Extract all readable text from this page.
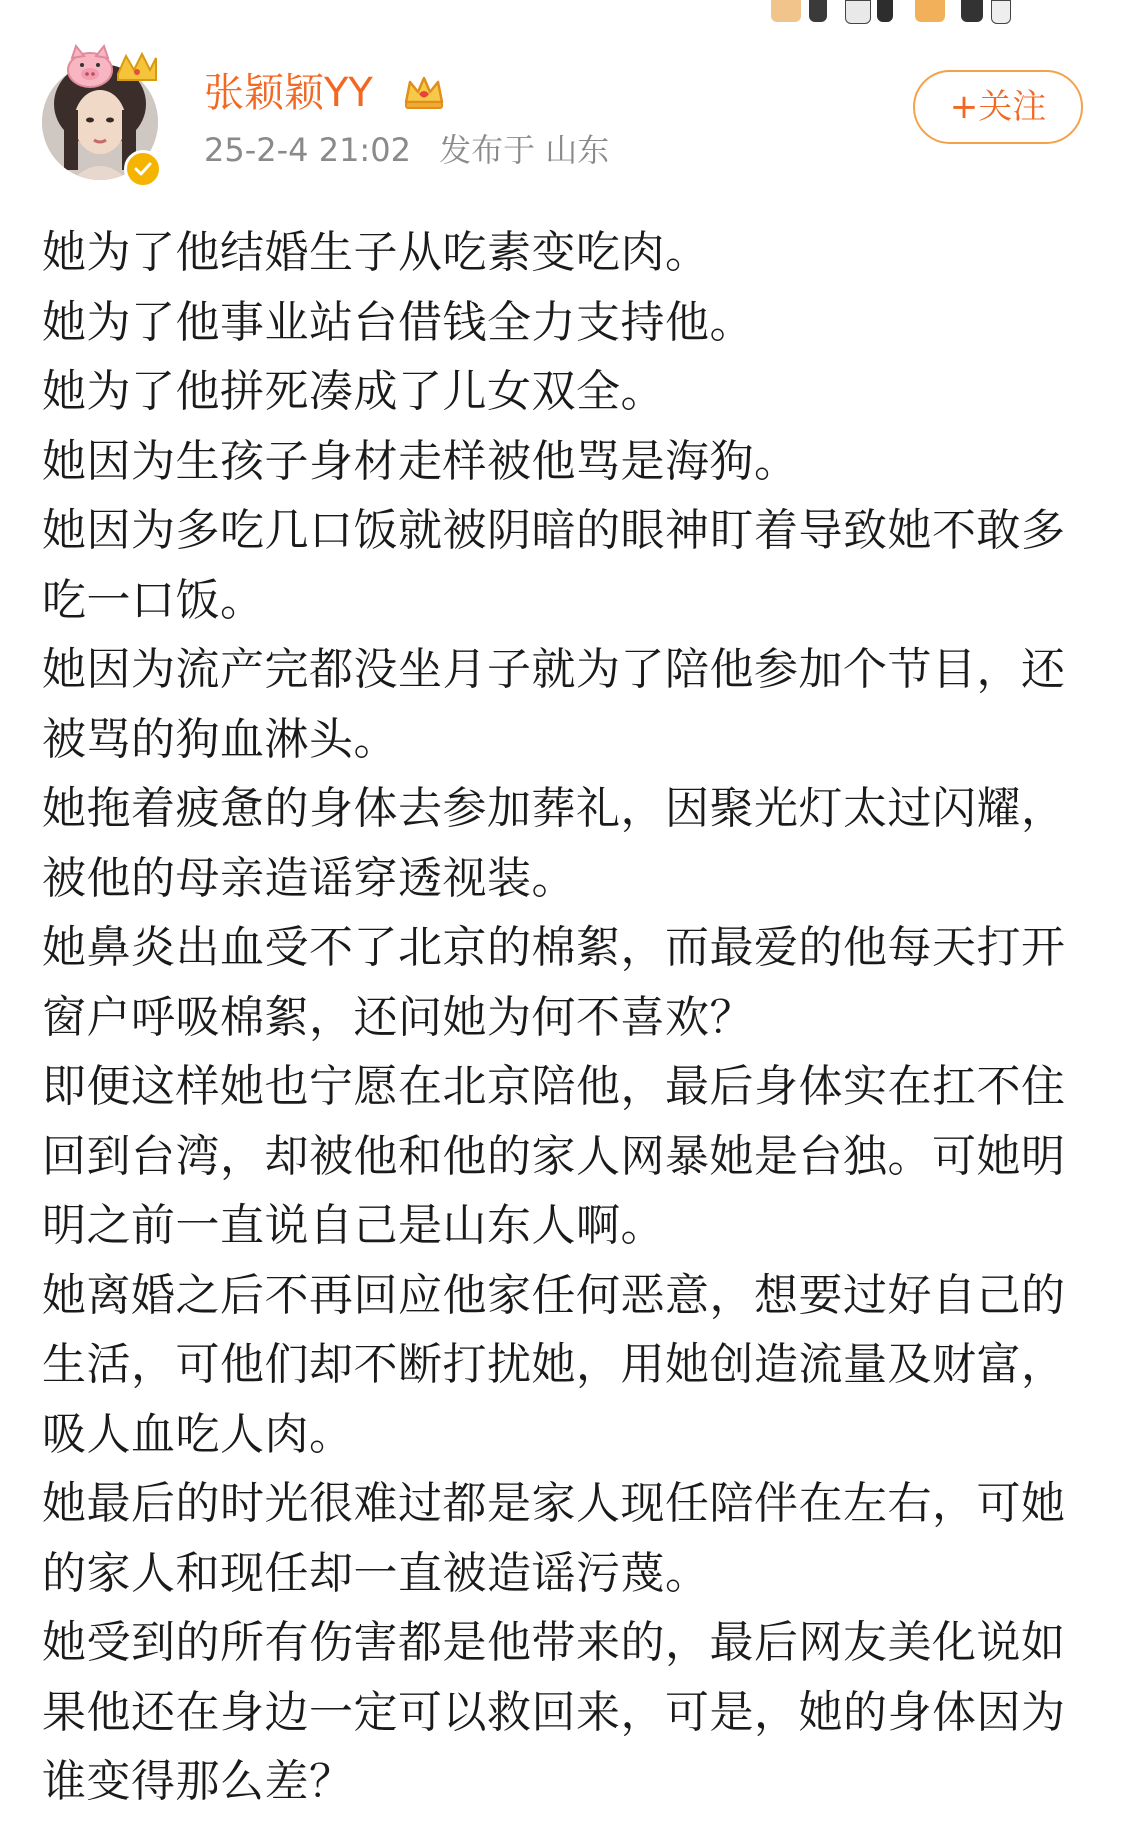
张颖颖YY
25-2-4 21:02 发布于 山东
+关注

她为了他结婚生子从吃素变吃肉。

她为了他事业站台借钱全力支持他。

她为了他拼死凑成了儿女双全。

她因为生孩子身材走样被他骂是海狗。

她因为多吃几口饭就被阴暗的眼神盯着导致她不敢多吃一口饭。

她因为流产完都没坐月子就为了陪他参加个节目，还被骂的狗血淋头。

她拖着疲惫的身体去参加葬礼，因聚光灯太过闪耀，被他的母亲造谣穿透视装。

她鼻炎出血受不了北京的棉絮，而最爱的他每天打开窗户呼吸棉絮，还问她为何不喜欢？

即便这样她也宁愿在北京陪他，最后身体实在扛不住回到台湾，却被他和他的家人网暴她是台独。可她明明之前一直说自己是山东人啊。

她离婚之后不再回应他家任何恶意，想要过好自己的生活，可他们却不断打扰她，用她创造流量及财富，吸人血吃人肉。

她最后的时光很难过都是家人现任陪伴在左右，可她的家人和现任却一直被造谣污蔑。

她受到的所有伤害都是他带来的，最后网友美化说如果他还在身边一定可以救回来，可是，她的身体因为谁变得那么差？
